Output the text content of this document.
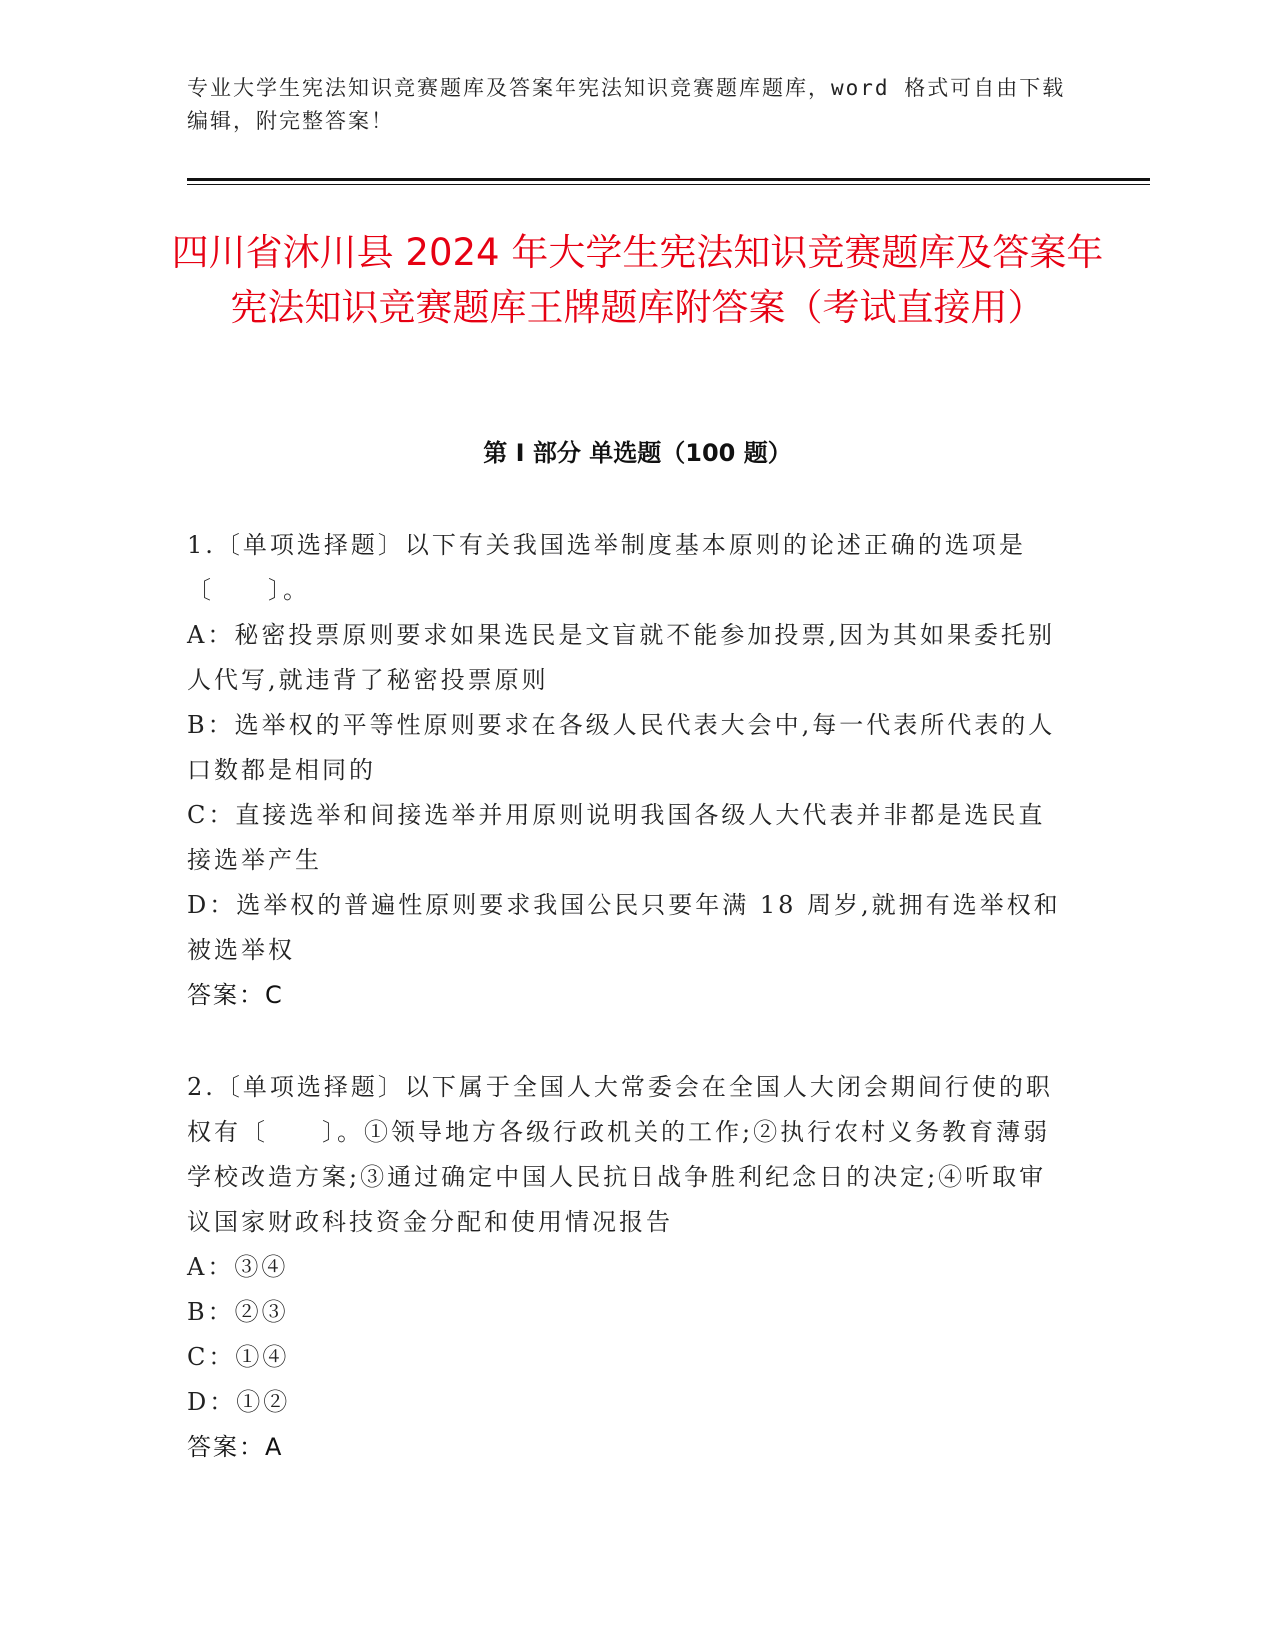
专业大学生宪法知识竞赛题库及答案年宪法知识竞赛题库题库，word 格式可自由下载编辑，附完整答案！
四川省沐川县 2024 年大学生宪法知识竞赛题库及答案年宪法知识竞赛题库王牌题库附答案（考试直接用）
第 I 部分 单选题（100 题）

1.〔单项选择题〕以下有关我国选举制度基本原则的论述正确的选项是〔　　〕。

A：秘密投票原则要求如果选民是文盲就不能参加投票,因为其如果委托别人代写,就违背了秘密投票原则

B：选举权的平等性原则要求在各级人民代表大会中,每一代表所代表的人口数都是相同的

C：直接选举和间接选举并用原则说明我国各级人大代表并非都是选民直接选举产生

D：选举权的普遍性原则要求我国公民只要年满 18 周岁,就拥有选举权和被选举权

答案：C

2.〔单项选择题〕以下属于全国人大常委会在全国人大闭会期间行使的职权有〔　　〕。①领导地方各级行政机关的工作;②执行农村义务教育薄弱学校改造方案;③通过确定中国人民抗日战争胜利纪念日的决定;④听取审议国家财政科技资金分配和使用情况报告

A：③④

B：②③

C：①④

D：①②

答案：A
